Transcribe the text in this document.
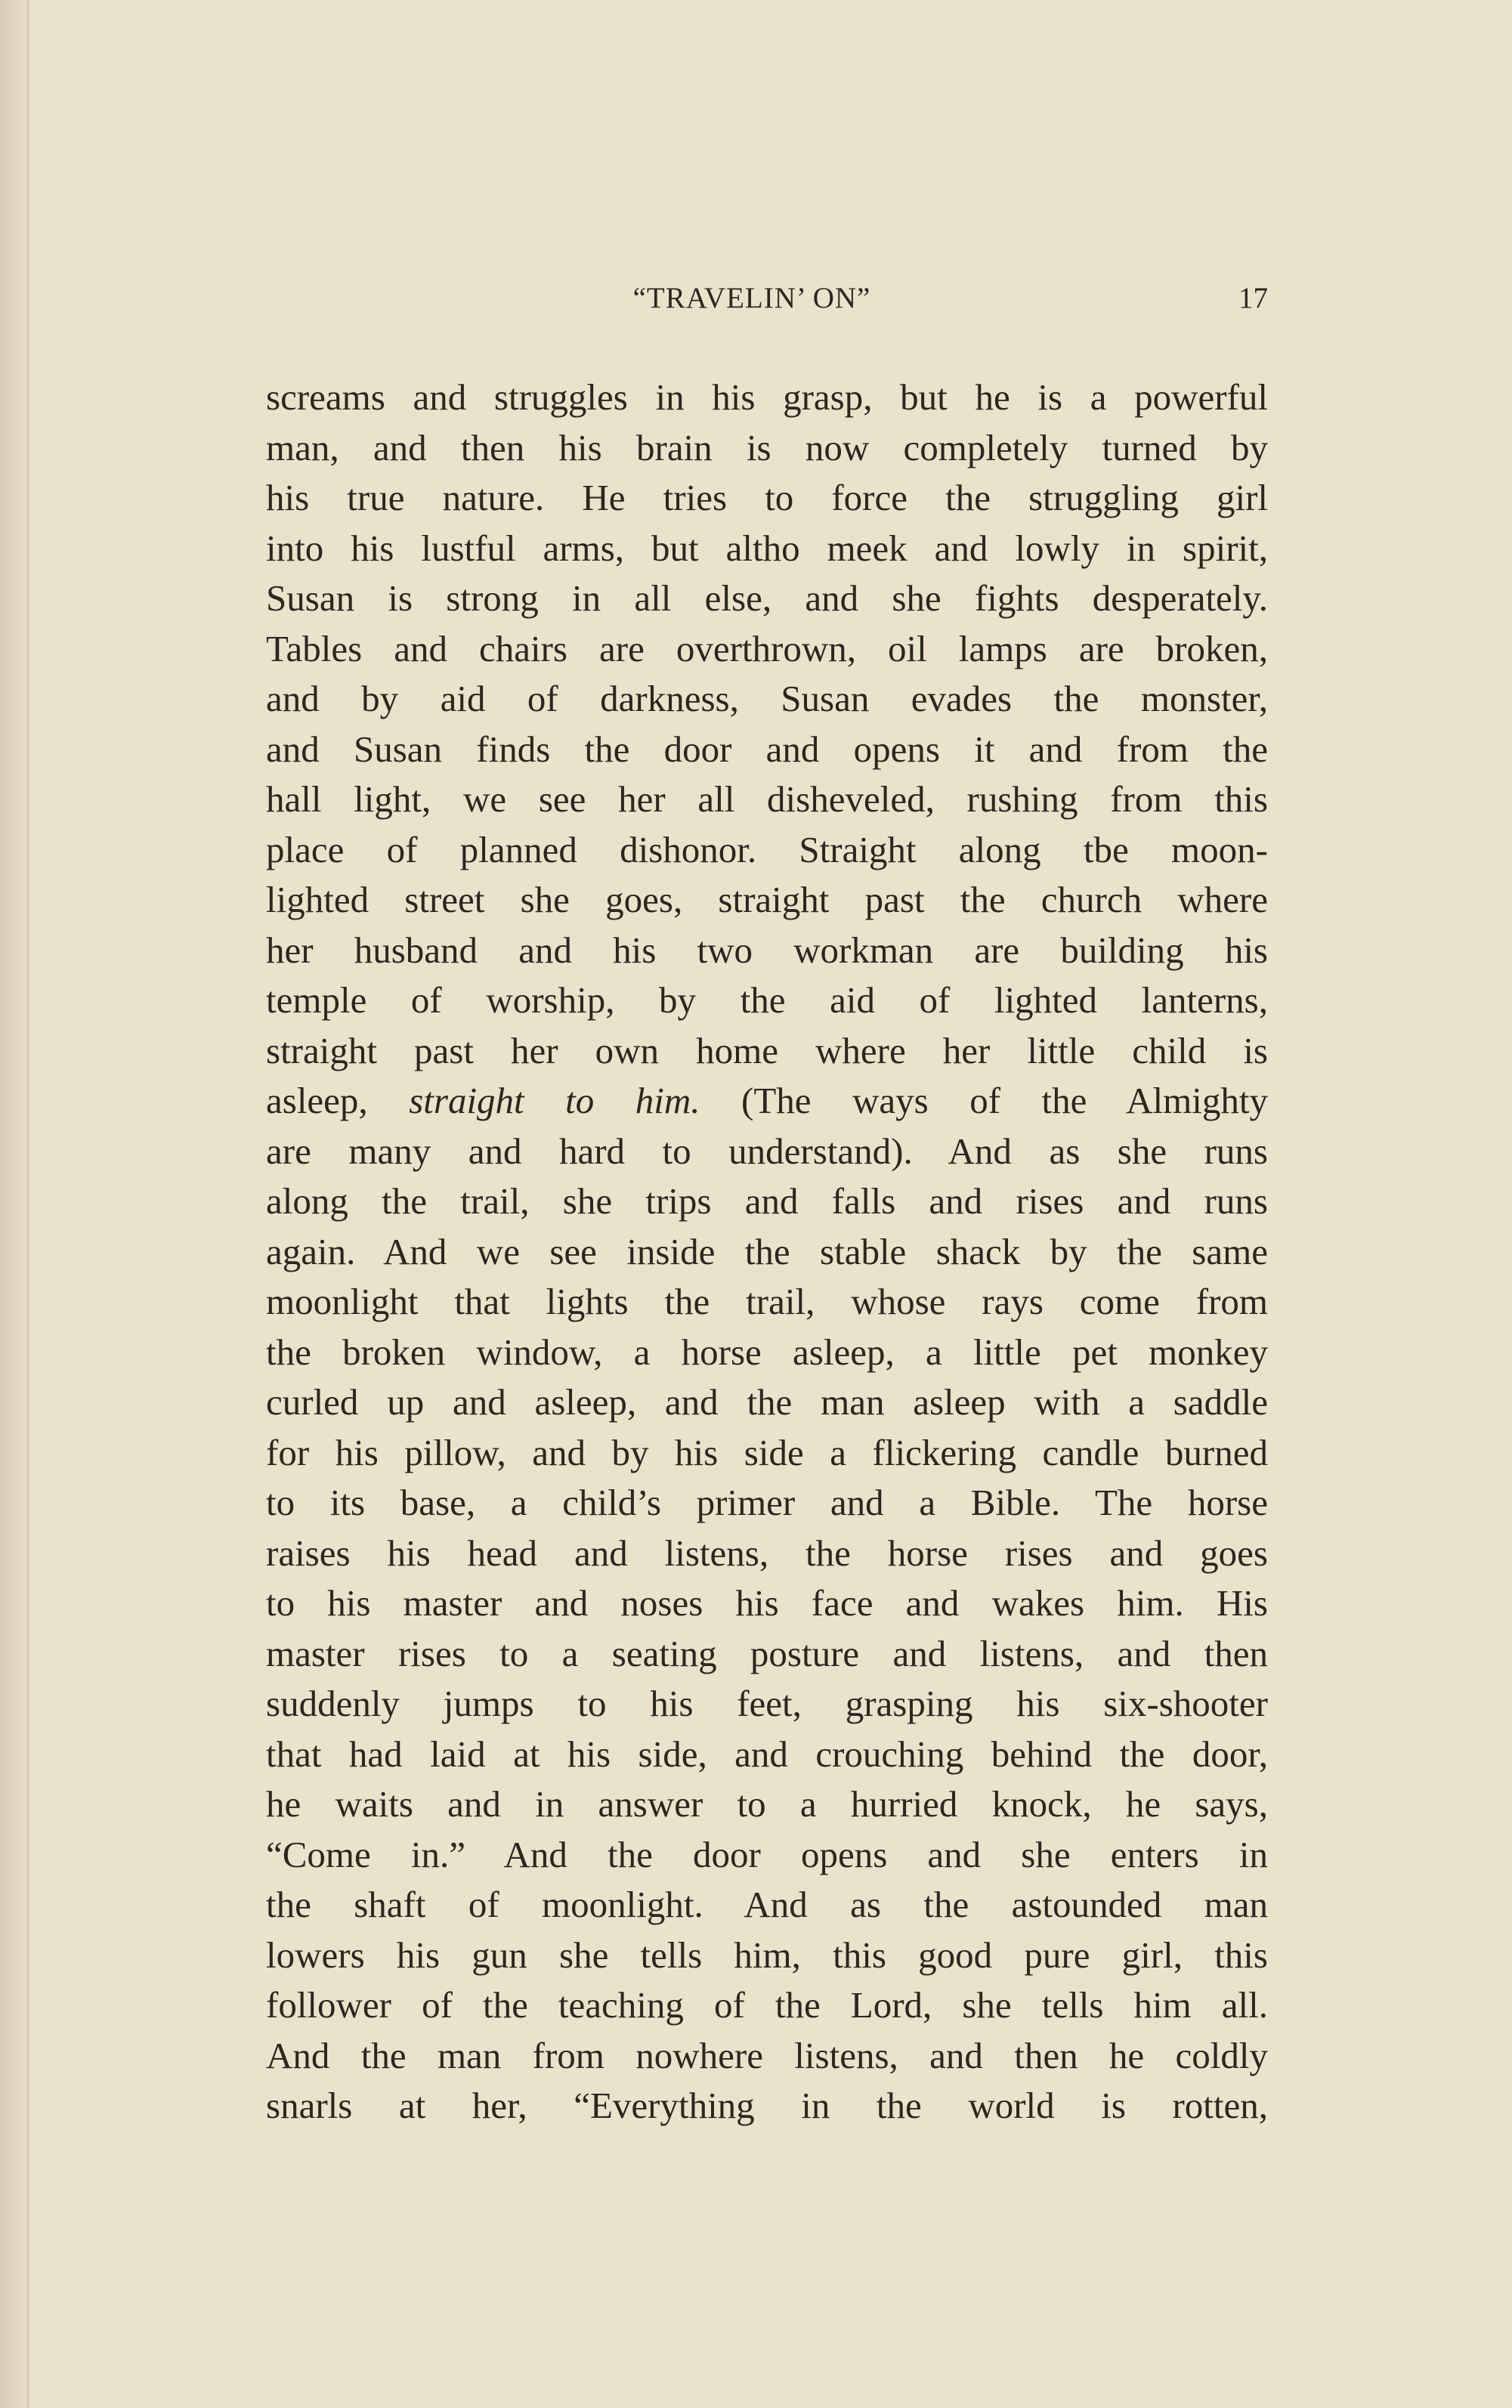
“TRAVELIN’ ON”	17
screams and struggles in his grasp, but he is a powerful
man, and then his brain is now completely turned by
his true nature. He tries to force the struggling girl
into his lustful arms, but altho meek and lowly in spirit,
Susan is strong in all else, and she fights desperately.
Tables and chairs are overthrown, oil lamps are broken,
and by aid of darkness, Susan evades the monster,
and Susan finds the door and opens it and from the
hall light, we see her all disheveled, rushing from this
place of planned dishonor. Straight along tbe moon-
lighted street she goes, straight past the church where
her husband and his two workman are building his
temple of worship, by the aid of lighted lanterns,
straight past her own home where her little child is
asleep, straight to him. (The ways of the Almighty
are many and hard to understand). And as she runs
along the trail, she trips and falls and rises and runs
again. And we see inside the stable shack by the same
moonlight that lights the trail, whose rays come from
the broken window, a horse asleep, a little pet monkey
curled up and asleep, and the man asleep with a saddle
for his pillow, and by his side a flickering candle burned
to its base, a child’s primer and a Bible. The horse
raises his head and listens, the horse rises and goes
to his master and noses his face and wakes him. His
master rises to a seating posture and listens, and then
suddenly jumps to his feet, grasping his six-shooter
that had laid at his side, and crouching behind the door,
he waits and in answer to a hurried knock, he says,
“Come in.” And the door opens and she enters in
the shaft of moonlight. And as the astounded man
lowers his gun she tells him, this good pure girl, this
follower of the teaching of the Lord, she tells him all.
And the man from nowhere listens, and then he coldly
snarls at her, “Everything in the world is rotten,
